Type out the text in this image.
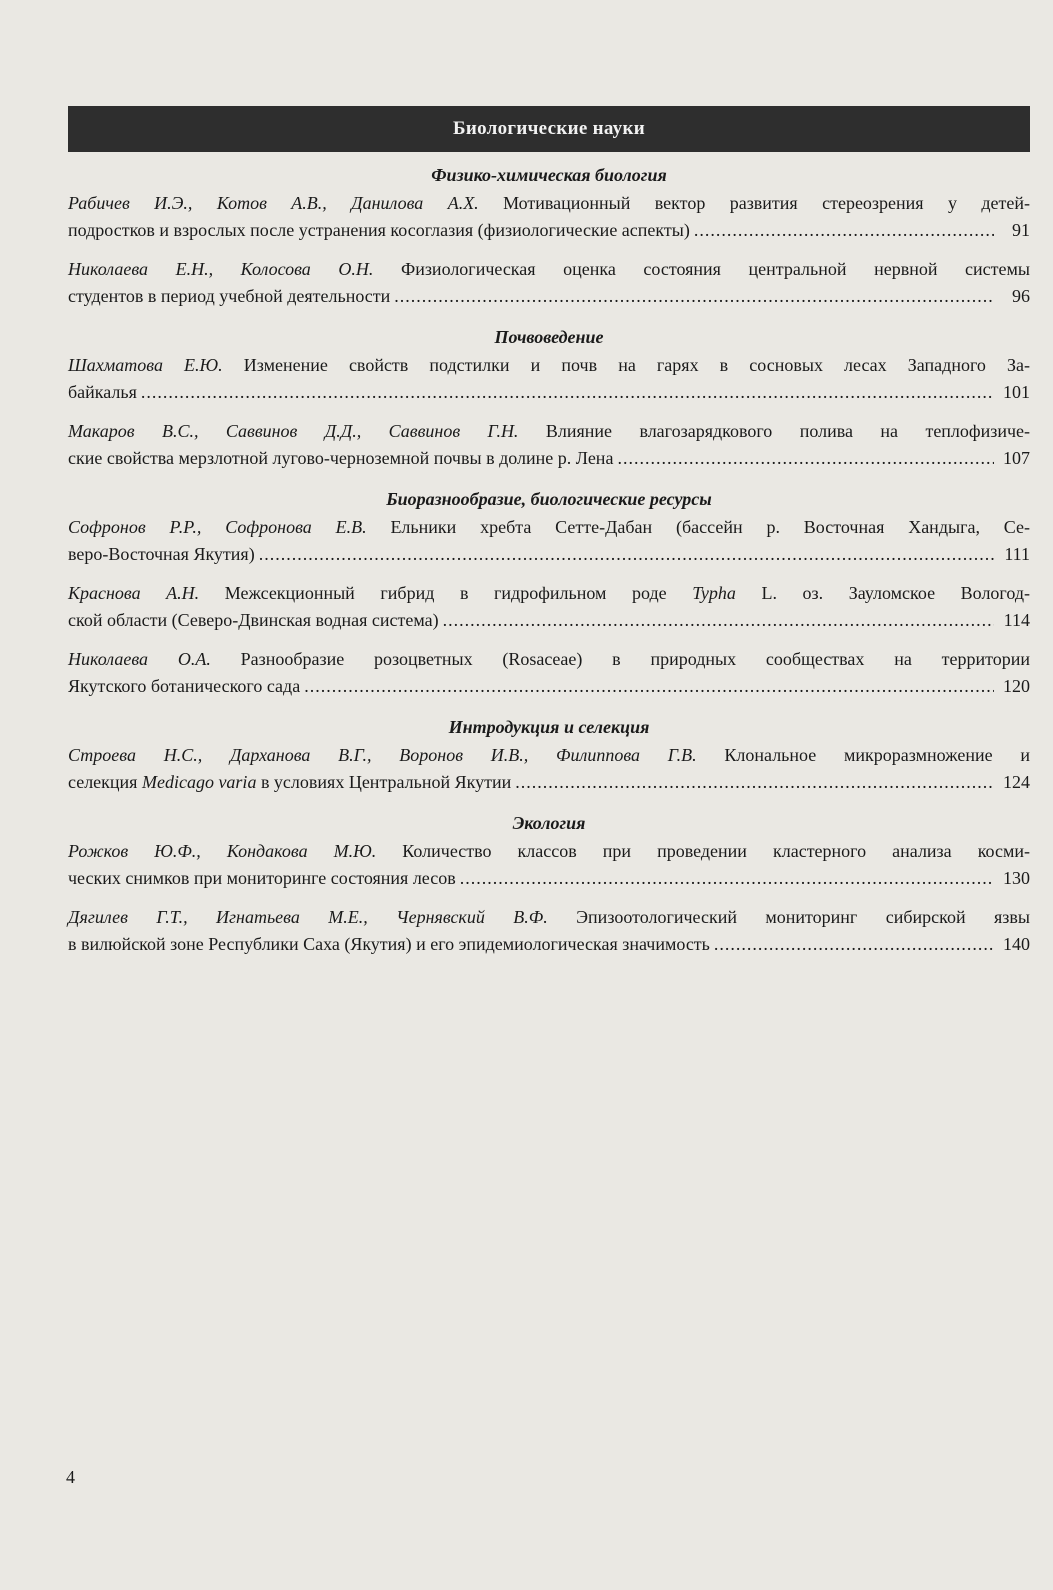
Биологические науки
Физико-химическая биология
Рабичев И.Э., Котов А.В., Данилова А.Х. Мотивационный вектор развития стереозрения у детей-
подростков и взрослых после устранения косоглазия (физиологические аспекты) .....	91
Николаева Е.Н., Колосова О.Н. Физиологическая оценка состояния центральной нервной системы
студентов в период учебной деятельности .....	96
Почвоведение
Шахматова Е.Ю. Изменение свойств подстилки и почв на гарях в сосновых лесах Западного За-
байкалья .....	101
Макаров В.С., Саввинов Д.Д., Саввинов Г.Н. Влияние влагозарядкового полива на теплофизиче-
ские свойства мерзлотной лугово-черноземной почвы в долине р. Лена .....	107
Биоразнообразие, биологические ресурсы
Софронов Р.Р., Софронова Е.В. Ельники хребта Сетте-Дабан (бассейн р. Восточная Хандыга, Се-
веро-Восточная Якутия) .....	111
Краснова А.Н. Межсекционный гибрид в гидрофильном роде Typha L. оз. Зауломское Вологод-
ской области (Северо-Двинская водная система) .....	114
Николаева О.А. Разнообразие розоцветных (Rosaceae) в природных сообществах на территории
Якутского ботанического сада .....	120
Интродукция и селекция
Строева Н.С., Дарханова В.Г., Воронов И.В., Филиппова Г.В. Клональное микроразмножение и
селекция Medicago varia в условиях Центральной Якутии .....	124
Экология
Рожков Ю.Ф., Кондакова М.Ю. Количество классов при проведении кластерного анализа косми-
ческих снимков при мониторинге состояния лесов .....	130
Дягилев Г.Т., Игнатьева М.Е., Чернявский В.Ф. Эпизоотологический мониторинг сибирской язвы
в вилюйской зоне Республики Саха (Якутия) и его эпидемиологическая значимость .....	140
4
